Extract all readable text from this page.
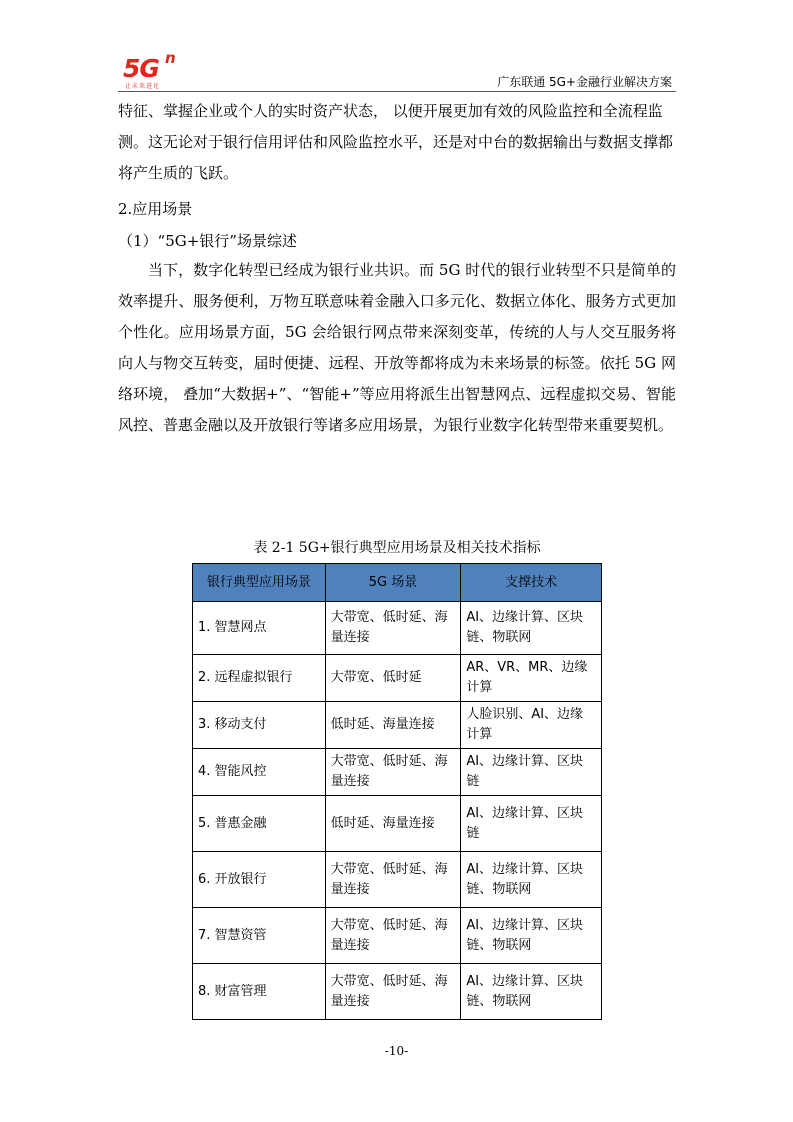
5G n
让未来进化	广东联通 5G+金融行业解决方案
特征、掌握企业或个人的实时资产状态， 以便开展更加有效的风险监控和全流程监测。这无论对于银行信用评估和风险监控水平，还是对中台的数据输出与数据支撑都将产生质的飞跃。
2.应用场景
（1）“5G+银行”场景综述
当下，数字化转型已经成为银行业共识。而 5G 时代的银行业转型不只是简单的效率提升、服务便利，万物互联意味着金融入口多元化、数据立体化、服务方式更加个性化。应用场景方面，5G 会给银行网点带来深刻变革，传统的人与人交互服务将向人与物交互转变，届时便捷、远程、开放等都将成为未来场景的标签。依托 5G 网络环境， 叠加“大数据+”、“智能+”等应用将派生出智慧网点、远程虚拟交易、智能风控、普惠金融以及开放银行等诸多应用场景，为银行业数字化转型带来重要契机。
表 2-1 5G+银行典型应用场景及相关技术指标
银行典型应用场景	5G 场景	支撑技术
1. 智慧网点	大带宽、低时延、海量连接	AI、边缘计算、区块链、物联网
2. 远程虚拟银行	大带宽、低时延	AR、VR、MR、边缘计算
3. 移动支付	低时延、海量连接	人脸识别、AI、边缘计算
4. 智能风控	大带宽、低时延、海量连接	AI、边缘计算、区块链
5. 普惠金融	低时延、海量连接	AI、边缘计算、区块链
6. 开放银行	大带宽、低时延、海量连接	AI、边缘计算、区块链、物联网
7. 智慧资管	大带宽、低时延、海量连接	AI、边缘计算、区块链、物联网
8. 财富管理	大带宽、低时延、海量连接	AI、边缘计算、区块链、物联网
-10-
